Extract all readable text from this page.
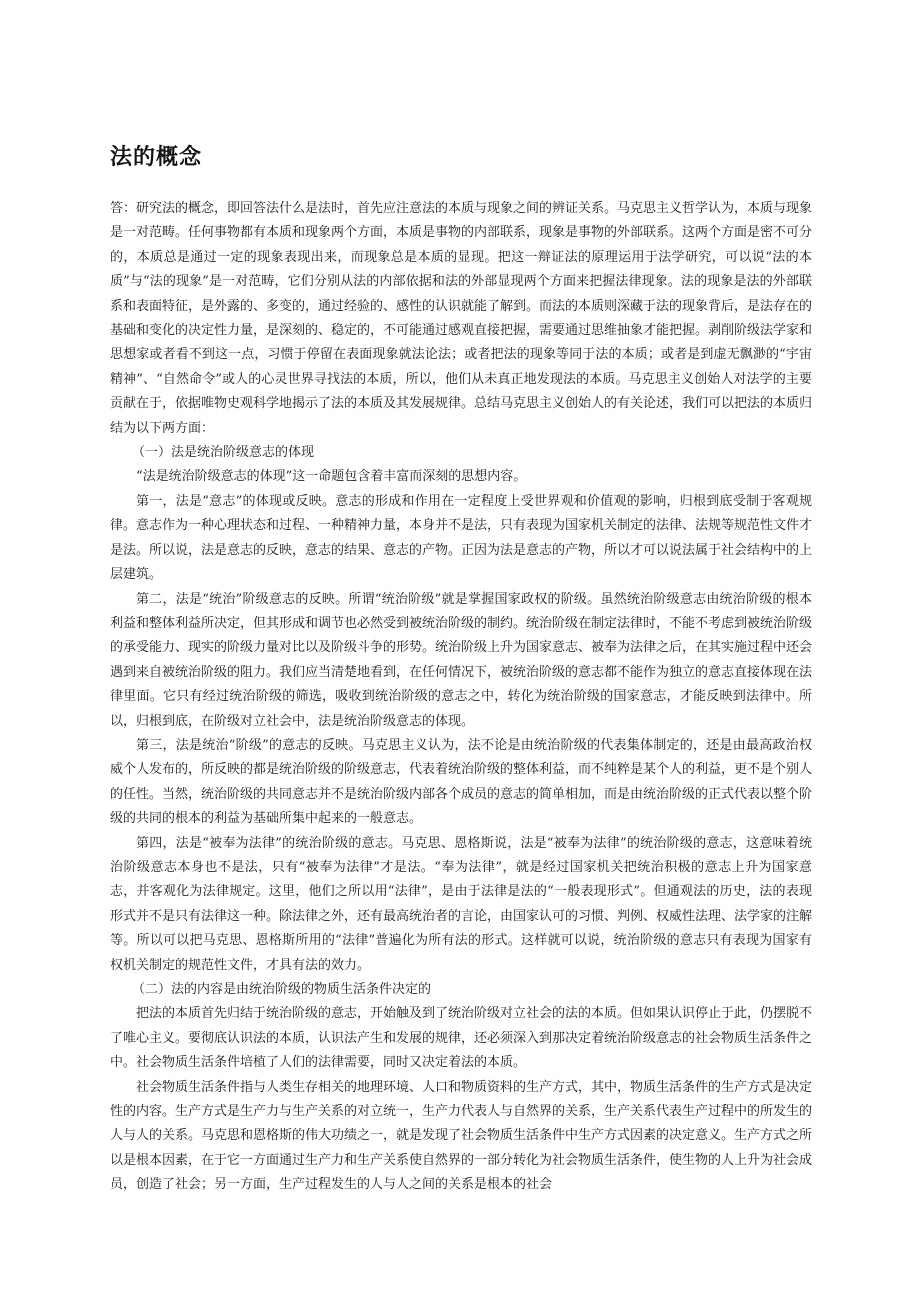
法的概念

答：研究法的概念，即回答法什么是法时，首先应注意法的本质与现象之间的辨证关系。马克思主义哲学认为，本质与现象是一对范畴。任何事物都有本质和现象两个方面，本质是事物的内部联系，现象是事物的外部联系。这两个方面是密不可分的，本质总是通过一定的现象表现出来，而现象总是本质的显现。把这一辩证法的原理运用于法学研究，可以说“法的本质”与“法的现象”是一对范畴，它们分别从法的内部依据和法的外部显现两个方面来把握法律现象。法的现象是法的外部联系和表面特征，是外露的、多变的，通过经验的、感性的认识就能了解到。而法的本质则深藏于法的现象背后，是法存在的基础和变化的决定性力量，是深刻的、稳定的，不可能通过感观直接把握，需要通过思维抽象才能把握。剥削阶级法学家和思想家或者看不到这一点，习惯于停留在表面现象就法论法；或者把法的现象等同于法的本质；或者是到虚无飘渺的“宇宙精神”、“自然命令”或人的心灵世界寻找法的本质，所以，他们从未真正地发现法的本质。马克思主义创始人对法学的主要贡献在于，依据唯物史观科学地揭示了法的本质及其发展规律。总结马克思主义创始人的有关论述，我们可以把法的本质归结为以下两方面：

（一）法是统治阶级意志的体现

“法是统治阶级意志的体现”这一命题包含着丰富而深刻的思想内容。

第一，法是“意志”的体现或反映。意志的形成和作用在一定程度上受世界观和价值观的影响，归根到底受制于客观规律。意志作为一种心理状态和过程、一种精神力量，本身并不是法，只有表现为国家机关制定的法律、法规等规范性文件才是法。所以说，法是意志的反映，意志的结果、意志的产物。正因为法是意志的产物，所以才可以说法属于社会结构中的上层建筑。

第二，法是“统治”阶级意志的反映。所谓“统治阶级”就是掌握国家政权的阶级。虽然统治阶级意志由统治阶级的根本利益和整体利益所决定，但其形成和调节也必然受到被统治阶级的制约。统治阶级在制定法律时，不能不考虑到被统治阶级的承受能力、现实的阶级力量对比以及阶级斗争的形势。统治阶级上升为国家意志、被奉为法律之后，在其实施过程中还会遇到来自被统治阶级的阻力。我们应当清楚地看到，在任何情况下，被统治阶级的意志都不能作为独立的意志直接体现在法律里面。它只有经过统治阶级的筛选，吸收到统治阶级的意志之中，转化为统治阶级的国家意志，才能反映到法律中。所以，归根到底，在阶级对立社会中，法是统治阶级意志的体现。

第三，法是统治“阶级”的意志的反映。马克思主义认为，法不论是由统治阶级的代表集体制定的，还是由最高政治权威个人发布的，所反映的都是统治阶级的阶级意志，代表着统治阶级的整体利益，而不纯粹是某个人的利益，更不是个别人的任性。当然，统治阶级的共同意志并不是统治阶级内部各个成员的意志的简单相加，而是由统治阶级的正式代表以整个阶级的共同的根本的利益为基础所集中起来的一般意志。

第四，法是“被奉为法律”的统治阶级的意志。马克思、恩格斯说，法是“被奉为法律”的统治阶级的意志，这意味着统治阶级意志本身也不是法，只有“被奉为法律”才是法。“奉为法律”，就是经过国家机关把统治积极的意志上升为国家意志，并客观化为法律规定。这里，他们之所以用“法律”，是由于法律是法的“一般表现形式”。但通观法的历史，法的表现形式并不是只有法律这一种。除法律之外，还有最高统治者的言论，由国家认可的习惯、判例、权威性法理、法学家的注解等。所以可以把马克思、恩格斯所用的“法律”普遍化为所有法的形式。这样就可以说，统治阶级的意志只有表现为国家有权机关制定的规范性文件，才具有法的效力。

（二）法的内容是由统治阶级的物质生活条件决定的

把法的本质首先归结于统治阶级的意志，开始触及到了统治阶级对立社会的法的本质。但如果认识停止于此，仍摆脱不了唯心主义。要彻底认识法的本质，认识法产生和发展的规律，还必须深入到那决定着统治阶级意志的社会物质生活条件之中。社会物质生活条件培植了人们的法律需要，同时又决定着法的本质。

社会物质生活条件指与人类生存相关的地理环境、人口和物质资料的生产方式，其中，物质生活条件的生产方式是决定性的内容。生产方式是生产力与生产关系的对立统一，生产力代表人与自然界的关系，生产关系代表生产过程中的所发生的人与人的关系。马克思和恩格斯的伟大功绩之一，就是发现了社会物质生活条件中生产方式因素的决定意义。生产方式之所以是根本因素，在于它一方面通过生产力和生产关系使自然界的一部分转化为社会物质生活条件，使生物的人上升为社会成员，创造了社会；另一方面，生产过程发生的人与人之间的关系是根本的社会
